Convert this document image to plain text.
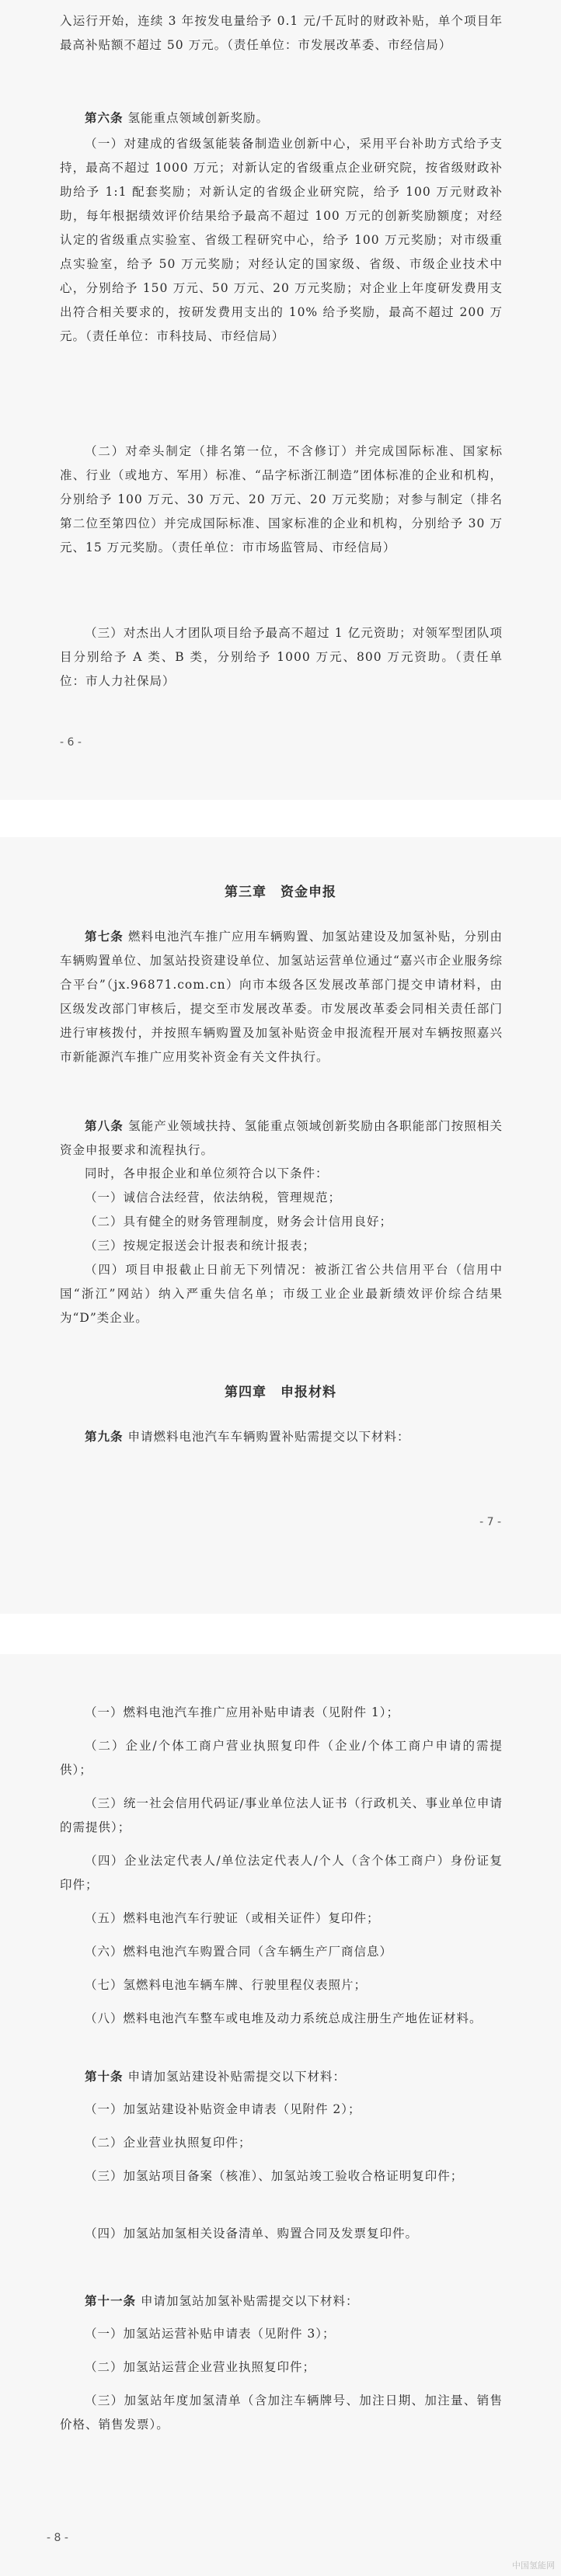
入运行开始，连续 3 年按发电量给予 0.1 元/千瓦时的财政补贴，单个项目年最高补贴额不超过 50 万元。（责任单位：市发展改革委、市经信局）
第六条 氢能重点领域创新奖励。
（一）对建成的省级氢能装备制造业创新中心，采用平台补助方式给予支持，最高不超过 1000 万元；对新认定的省级重点企业研究院，按省级财政补助给予 1:1 配套奖励；对新认定的省级企业研究院，给予 100 万元财政补助，每年根据绩效评价结果给予最高不超过 100 万元的创新奖励额度；对经认定的省级重点实验室、省级工程研究中心，给予 100 万元奖励；对市级重点实验室，给予 50 万元奖励；对经认定的国家级、省级、市级企业技术中心，分别给予 150 万元、50 万元、20 万元奖励；对企业上年度研发费用支出符合相关要求的，按研发费用支出的 10% 给予奖励，最高不超过 200 万元。（责任单位：市科技局、市经信局）
（二）对牵头制定（排名第一位，不含修订）并完成国际标准、国家标准、行业（或地方、军用）标准、“品字标浙江制造”团体标准的企业和机构，分别给予 100 万元、30 万元、20 万元、20 万元奖励；对参与制定（排名第二位至第四位）并完成国际标准、国家标准的企业和机构，分别给予 30 万元、15 万元奖励。（责任单位：市市场监管局、市经信局）
（三）对杰出人才团队项目给予最高不超过 1 亿元资助；对领军型团队项目分别给予 A 类、B 类，分别给予 1000 万元、800 万元资助。（责任单位：市人力社保局）
- 6 -
第三章　资金申报
第七条 燃料电池汽车推广应用车辆购置、加氢站建设及加氢补贴，分别由车辆购置单位、加氢站投资建设单位、加氢站运营单位通过“嘉兴市企业服务综合平台”（jx.96871.com.cn）向市本级各区发展改革部门提交申请材料，由区级发改部门审核后，提交至市发展改革委。市发展改革委会同相关责任部门进行审核拨付，并按照车辆购置及加氢补贴资金申报流程开展对车辆按照嘉兴市新能源汽车推广应用奖补资金有关文件执行。
第八条 氢能产业领域扶持、氢能重点领域创新奖励由各职能部门按照相关资金申报要求和流程执行。
同时，各申报企业和单位须符合以下条件：
（一）诚信合法经营，依法纳税，管理规范；
（二）具有健全的财务管理制度，财务会计信用良好；
（三）按规定报送会计报表和统计报表；
（四）项目申报截止日前无下列情况：被浙江省公共信用平台（信用中国“浙江”网站）纳入严重失信名单；市级工业企业最新绩效评价综合结果为“D”类企业。
第四章　申报材料
第九条 申请燃料电池汽车车辆购置补贴需提交以下材料：
- 7 -
（一）燃料电池汽车推广应用补贴申请表（见附件 1）；
（二）企业/个体工商户营业执照复印件（企业/个体工商户申请的需提供）；
（三）统一社会信用代码证/事业单位法人证书（行政机关、事业单位申请的需提供）；
（四）企业法定代表人/单位法定代表人/个人（含个体工商户）身份证复印件；
（五）燃料电池汽车行驶证（或相关证件）复印件；
（六）燃料电池汽车购置合同（含车辆生产厂商信息）
（七）氢燃料电池车辆车牌、行驶里程仪表照片；
（八）燃料电池汽车整车或电堆及动力系统总成注册生产地佐证材料。
第十条 申请加氢站建设补贴需提交以下材料：
（一）加氢站建设补贴资金申请表（见附件 2）；
（二）企业营业执照复印件；
（三）加氢站项目备案（核准）、加氢站竣工验收合格证明复印件；
（四）加氢站加氢相关设备清单、购置合同及发票复印件。
第十一条 申请加氢站加氢补贴需提交以下材料：
（一）加氢站运营补贴申请表（见附件 3）；
（二）加氢站运营企业营业执照复印件；
（三）加氢站年度加氢清单（含加注车辆牌号、加注日期、加注量、销售价格、销售发票）。
- 8 -
中国氢能网
